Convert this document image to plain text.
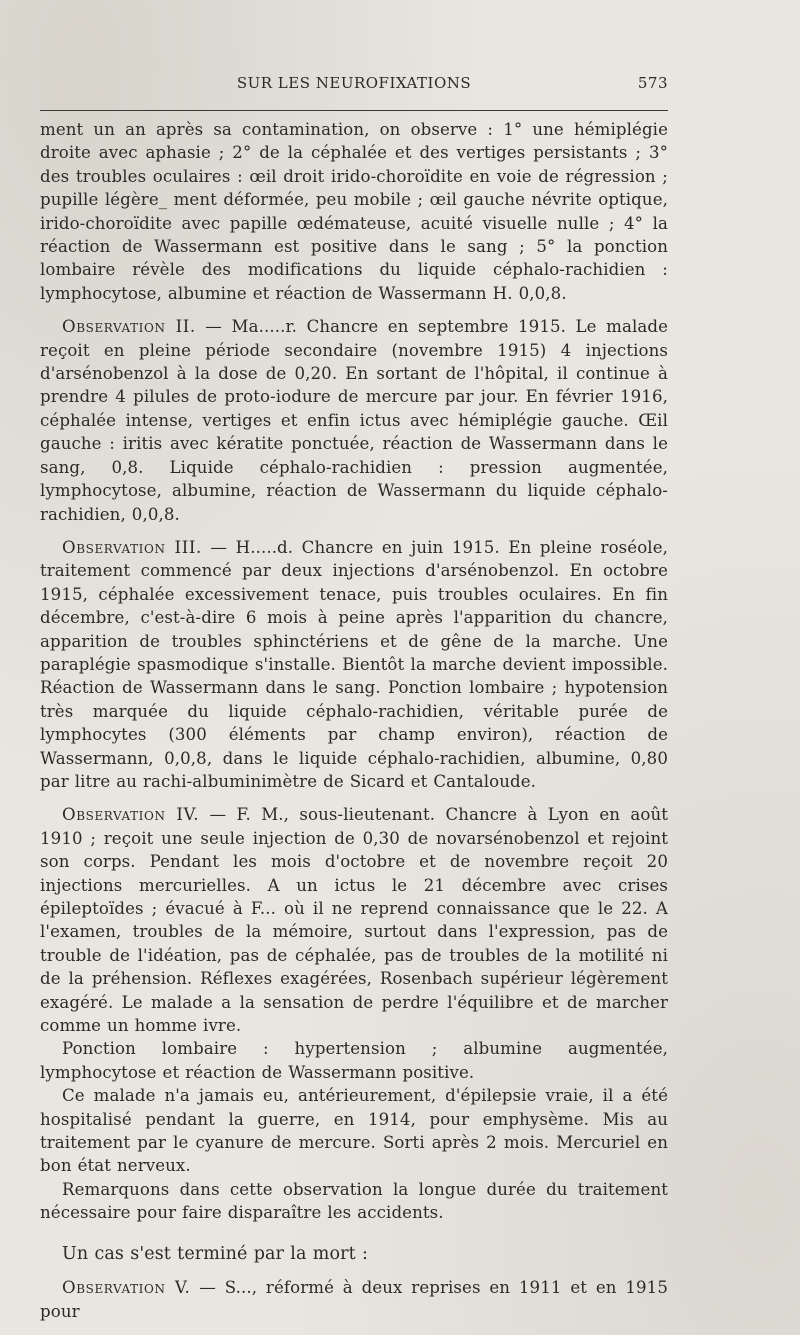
SUR LES NEUROFIXATIONS	573

ment un an après sa contamination, on observe : 1° une hémiplégie droite avec aphasie ; 2° de la céphalée et des vertiges persistants ; 3° des troubles oculaires : œil droit irido-choroïdite en voie de régression ; pupille légère_ ment déformée, peu mobile ; œil gauche névrite optique, irido-choroïdite avec papille œdémateuse, acuité visuelle nulle ; 4° la réaction de Wassermann est positive dans le sang ; 5° la ponction lombaire révèle des modifications du liquide céphalo-rachidien : lymphocytose, albumine et réaction de Wassermann H. 0,0,8.

Observation II. — Ma.....r. Chancre en septembre 1915. Le malade reçoit en pleine période secondaire (novembre 1915) 4 injections d'arsénobenzol à la dose de 0,20. En sortant de l'hôpital, il continue à prendre 4 pilules de proto-iodure de mercure par jour. En février 1916, céphalée intense, vertiges et enfin ictus avec hémiplégie gauche. Œil gauche : iritis avec kératite ponctuée, réaction de Wassermann dans le sang, 0,8. Liquide céphalo-rachidien : pression augmentée, lymphocytose, albumine, réaction de Wassermann du liquide céphalo-rachidien, 0,0,8.

Observation III. — H.....d. Chancre en juin 1915. En pleine roséole, traitement commencé par deux injections d'arsénobenzol. En octobre 1915, céphalée excessivement tenace, puis troubles oculaires. En fin décembre, c'est-à-dire 6 mois à peine après l'apparition du chancre, apparition de troubles sphinctériens et de gêne de la marche. Une paraplégie spasmodique s'installe. Bientôt la marche devient impossible. Réaction de Wassermann dans le sang. Ponction lombaire ; hypotension très marquée du liquide céphalo-rachidien, véritable purée de lymphocytes (300 éléments par champ environ), réaction de Wassermann, 0,0,8, dans le liquide céphalo-rachidien, albumine, 0,80 par litre au rachi-albuminimètre de Sicard et Cantaloude.

Observation IV. — F. M., sous-lieutenant. Chancre à Lyon en août 1910 ; reçoit une seule injection de 0,30 de novarsénobenzol et rejoint son corps. Pendant les mois d'octobre et de novembre reçoit 20 injections mercurielles. A un ictus le 21 décembre avec crises épileptoïdes ; évacué à F... où il ne reprend connaissance que le 22. A l'examen, troubles de la mémoire, surtout dans l'expression, pas de trouble de l'idéation, pas de céphalée, pas de troubles de la motilité ni de la préhension. Réflexes exagérées, Rosenbach supérieur légèrement exagéré. Le malade a la sensation de perdre l'équilibre et de marcher comme un homme ivre.

Ponction lombaire : hypertension ; albumine augmentée, lymphocytose et réaction de Wassermann positive.

Ce malade n'a jamais eu, antérieurement, d'épilepsie vraie, il a été hospitalisé pendant la guerre, en 1914, pour emphysème. Mis au traitement par le cyanure de mercure. Sorti après 2 mois. Mercuriel en bon état nerveux.

Remarquons dans cette observation la longue durée du traitement nécessaire pour faire disparaître les accidents.

Un cas s'est terminé par la mort :

Observation V. — S..., réformé à deux reprises en 1911 et en 1915 pour
